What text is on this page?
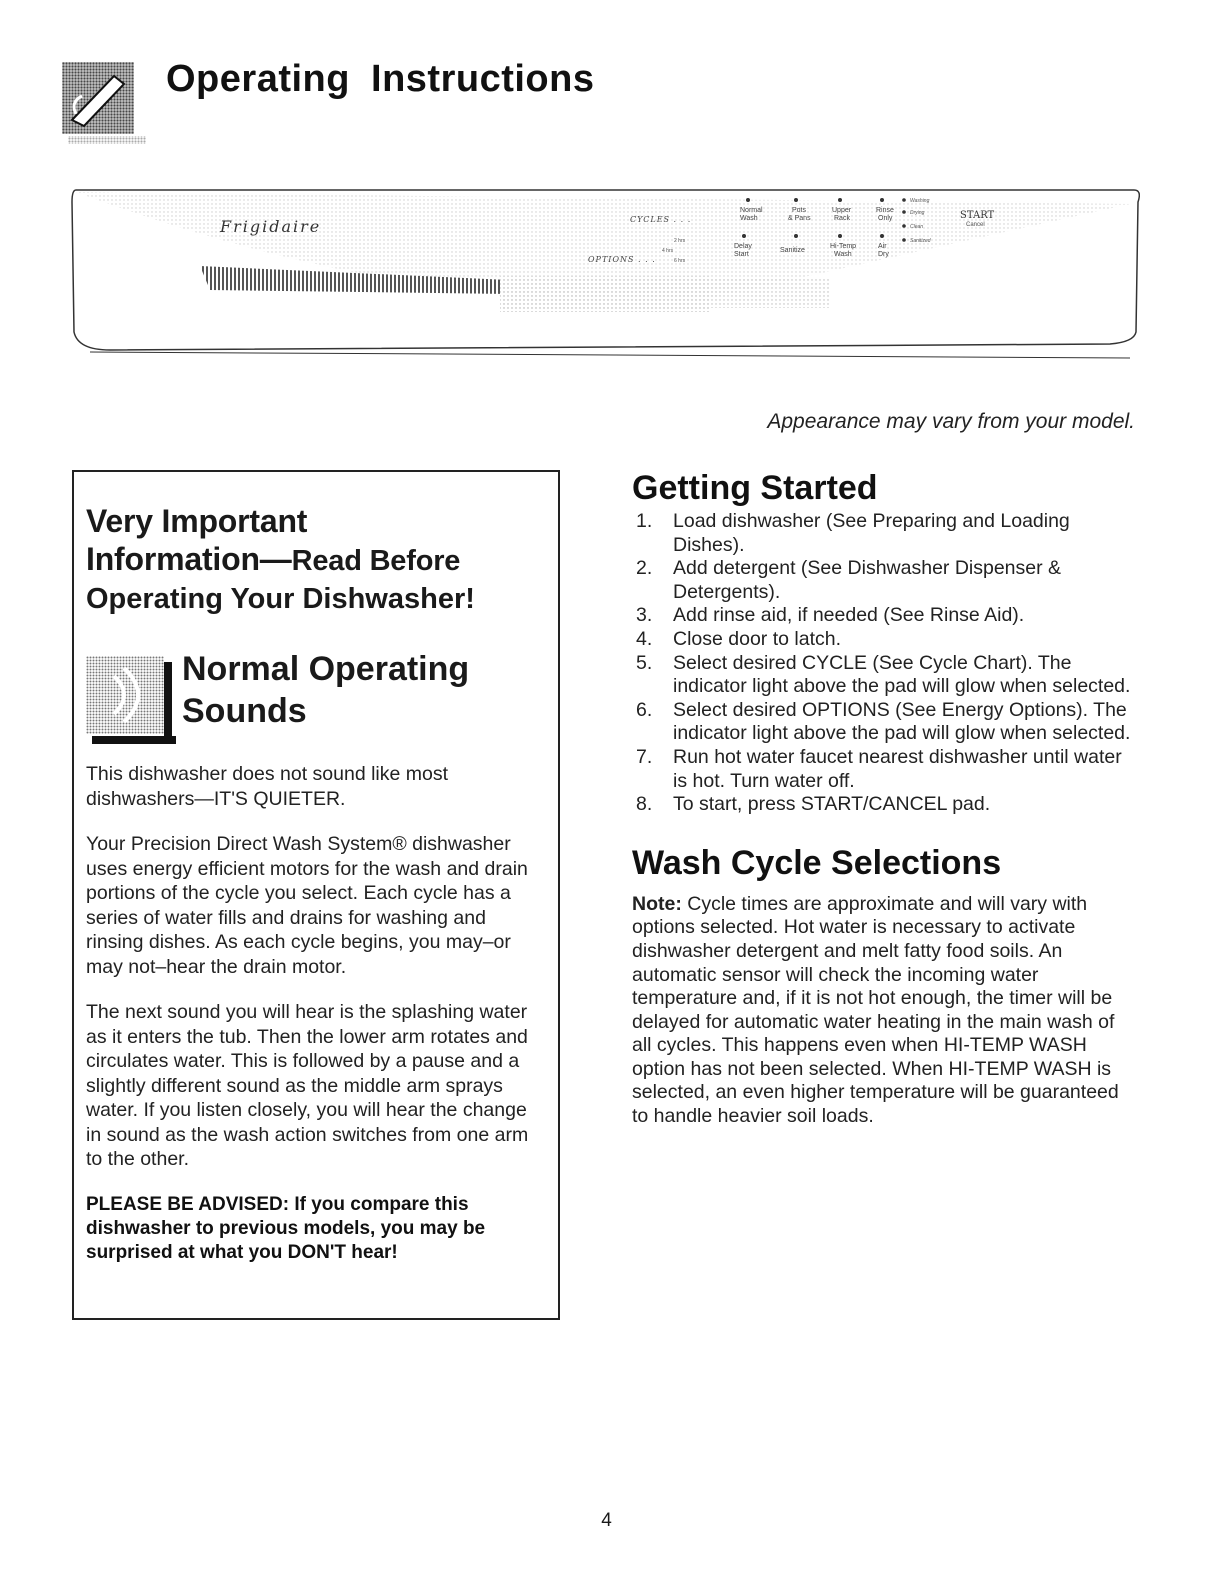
Operating Instructions
Frigidaire	CYCLES . . .
OPTIONS . . .
Normal
Wash
Pots
& Pans
Upper
Rack
Rinse
Only
Delay
Start
Sanitize
Hi-Temp
Wash
Air
Dry
2 hrs
4 hrs
6 hrs
Washing
Drying
Clean
Sanitized
START
Cancel

Appearance may vary from your model.

Very Important

Information—Read Before

Operating Your Dishwasher!

Normal Operating

Sounds

This dishwasher does not sound like most dishwashers—IT'S QUIETER.

Your Precision Direct Wash System® dishwasher uses energy efficient motors for the wash and drain portions of the cycle you select. Each cycle has a series of water fills and drains for washing and rinsing dishes. As each cycle begins, you may–or may not–hear the drain motor.

The next sound you will hear is the splashing water as it enters the tub. Then the lower arm rotates and circulates water. This is followed by a pause and a slightly different sound as the middle arm sprays water. If you listen closely, you will hear the change in sound as the wash action switches from one arm to the other.

PLEASE BE ADVISED: If you compare this dishwasher to previous models, you may be surprised at what you DON'T hear!

Getting Started
1. Load dishwasher (See Preparing and Loading Dishes).
2. Add detergent (See Dishwasher Dispenser & Detergents).
3. Add rinse aid, if needed (See Rinse Aid).
4. Close door to latch.
5. Select desired CYCLE (See Cycle Chart). The indicator light above the pad will glow when selected.
6. Select desired OPTIONS (See Energy Options). The indicator light above the pad will glow when selected.
7. Run hot water faucet nearest dishwasher until water is hot. Turn water off.
8. To start, press START/CANCEL pad.
Wash Cycle Selections

Note: Cycle times are approximate and will vary with options selected. Hot water is necessary to activate dishwasher detergent and melt fatty food soils. An automatic sensor will check the incoming water temperature and, if it is not hot enough, the timer will be delayed for automatic water heating in the main wash of all cycles. This happens even when HI-TEMP WASH option has not been selected. When HI-TEMP WASH is selected, an even higher temperature will be guaranteed to handle heavier soil loads.

4
